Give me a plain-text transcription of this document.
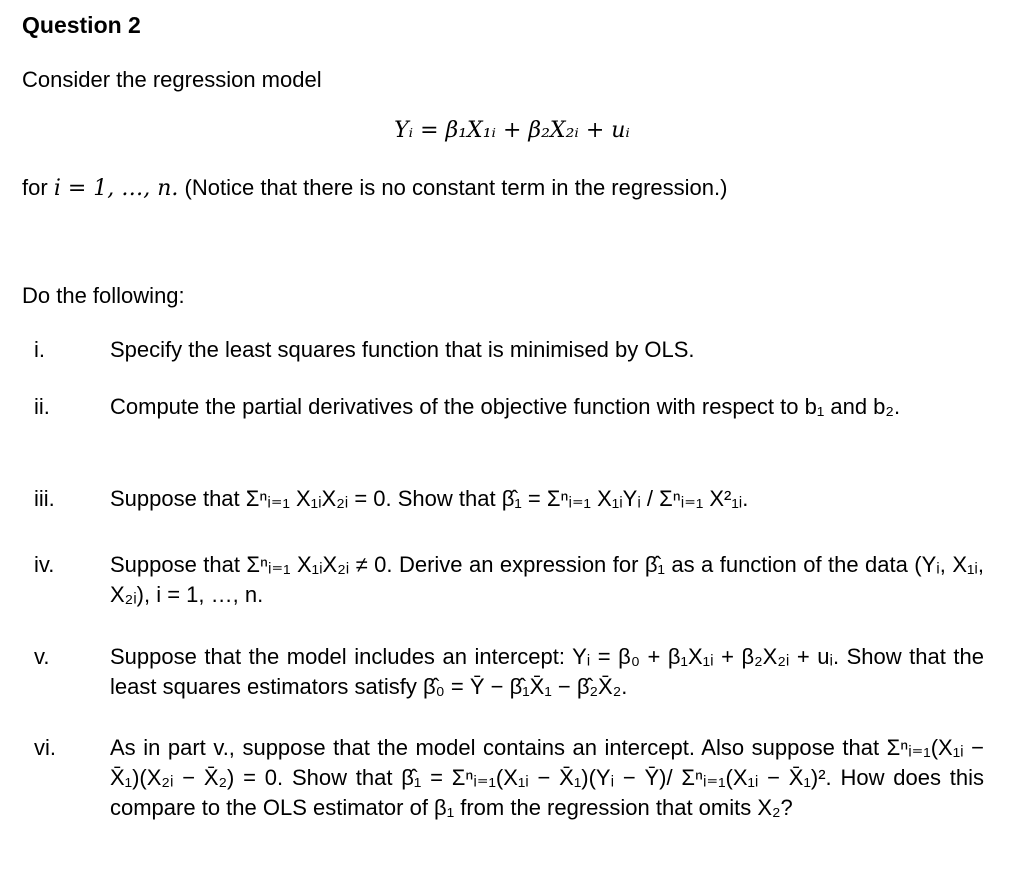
Question 2
Consider the regression model
Yᵢ = β₁X₁ᵢ + β₂X₂ᵢ + uᵢ
for i = 1, …, n. (Notice that there is no constant term in the regression.)
Do the following:
i.	Specify the least squares function that is minimised by OLS.
ii.	Compute the partial derivatives of the objective function with respect to b₁ and b₂.
iii.	Suppose that Σⁿᵢ₌₁ X₁ᵢX₂ᵢ = 0. Show that β̂₁ = Σⁿᵢ₌₁ X₁ᵢYᵢ / Σⁿᵢ₌₁ X²₁ᵢ.
iv.	Suppose that Σⁿᵢ₌₁ X₁ᵢX₂ᵢ ≠ 0. Derive an expression for β̂₁ as a function of the data (Yᵢ, X₁ᵢ, X₂ᵢ), i = 1, …, n.
v.	Suppose that the model includes an intercept: Yᵢ = β₀ + β₁X₁ᵢ + β₂X₂ᵢ + uᵢ. Show that the least squares estimators satisfy β̂₀ = Ȳ − β̂₁X̄₁ − β̂₂X̄₂.
vi. As in part v., suppose that the model contains an intercept. Also suppose that Σⁿᵢ₌₁(X₁ᵢ − X̄₁)(X₂ᵢ − X̄₂) = 0. Show that β̂₁ = Σⁿᵢ₌₁(X₁ᵢ − X̄₁)(Yᵢ − Ȳ)/ Σⁿᵢ₌₁(X₁ᵢ − X̄₁)². How does this compare to the OLS estimator of β₁ from the regression that omits X₂?
